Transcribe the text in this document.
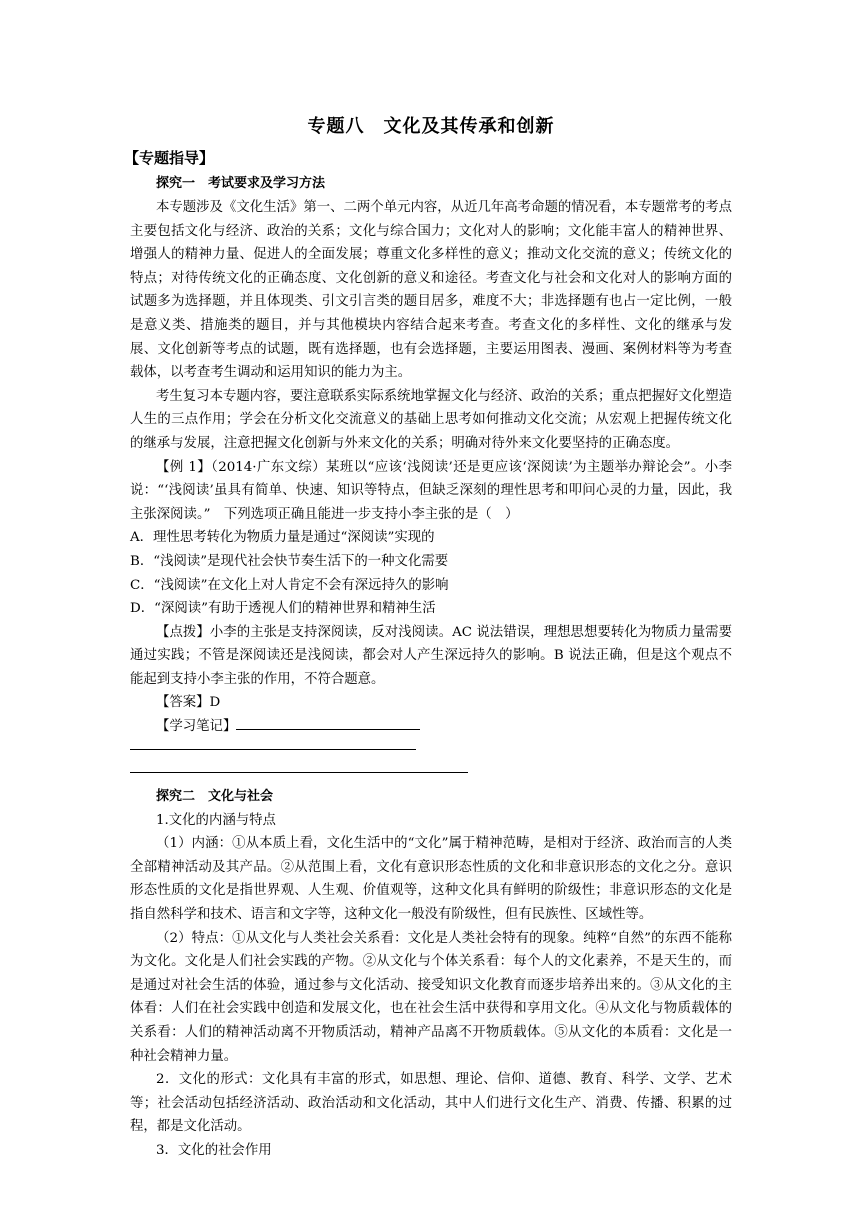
专题八　文化及其传承和创新
【专题指导】
探究一　考试要求及学习方法

本专题涉及《文化生活》第一、二两个单元内容，从近几年高考命题的情况看，本专题常考的考点主要包括文化与经济、政治的关系；文化与综合国力；文化对人的影响；文化能丰富人的精神世界、增强人的精神力量、促进人的全面发展；尊重文化多样性的意义；推动文化交流的意义；传统文化的特点；对待传统文化的正确态度、文化创新的意义和途径。考查文化与社会和文化对人的影响方面的试题多为选择题，并且体现类、引文引言类的题目居多，难度不大；非选择题有也占一定比例，一般是意义类、措施类的题目，并与其他模块内容结合起来考查。考查文化的多样性、文化的继承与发展、文化创新等考点的试题，既有选择题，也有会选择题，主要运用图表、漫画、案例材料等为考查载体，以考查考生调动和运用知识的能力为主。

考生复习本专题内容，要注意联系实际系统地掌握文化与经济、政治的关系；重点把握好文化塑造人生的三点作用；学会在分析文化交流意义的基础上思考如何推动文化交流；从宏观上把握传统文化的继承与发展，注意把握文化创新与外来文化的关系；明确对待外来文化要坚持的正确态度。

【例 1】（2014·广东文综）某班以“应该‘浅阅读’还是更应该‘深阅读’为主题举办辩论会”。小李说：“‘浅阅读’虽具有简单、快速、知识等特点，但缺乏深刻的理性思考和叩问心灵的力量，因此，我主张深阅读。”　下列选项正确且能进一步支持小李主张的是（　）

A．理性思考转化为物质力量是通过“深阅读”实现的

B．“浅阅读”是现代社会快节奏生活下的一种文化需要

C．“浅阅读”在文化上对人肯定不会有深远持久的影响

D．“深阅读”有助于透视人们的精神世界和精神生活

【点拨】小李的主张是支持深阅读，反对浅阅读。AC 说法错误，理想思想要转化为物质力量需要通过实践；不管是深阅读还是浅阅读，都会对人产生深远持久的影响。B 说法正确，但是这个观点不能起到支持小李主张的作用，不符合题意。

【答案】D

【学习笔记】

探究二　文化与社会

1.文化的内涵与特点

（1）内涵：①从本质上看，文化生活中的“文化”属于精神范畴，是相对于经济、政治而言的人类全部精神活动及其产品。②从范围上看，文化有意识形态性质的文化和非意识形态的文化之分。意识形态性质的文化是指世界观、人生观、价值观等，这种文化具有鲜明的阶级性；非意识形态的文化是指自然科学和技术、语言和文字等，这种文化一般没有阶级性，但有民族性、区域性等。

（2）特点：①从文化与人类社会关系看：文化是人类社会特有的现象。纯粹“自然”的东西不能称为文化。文化是人们社会实践的产物。②从文化与个体关系看：每个人的文化素养，不是天生的，而是通过对社会生活的体验，通过参与文化活动、接受知识文化教育而逐步培养出来的。③从文化的主体看：人们在社会实践中创造和发展文化，也在社会生活中获得和享用文化。④从文化与物质载体的关系看：人们的精神活动离不开物质活动，精神产品离不开物质载体。⑤从文化的本质看：文化是一种社会精神力量。

2．文化的形式：文化具有丰富的形式，如思想、理论、信仰、道德、教育、科学、文学、艺术等；社会活动包括经济活动、政治活动和文化活动，其中人们进行文化生产、消费、传播、积累的过程，都是文化活动。

3．文化的社会作用
